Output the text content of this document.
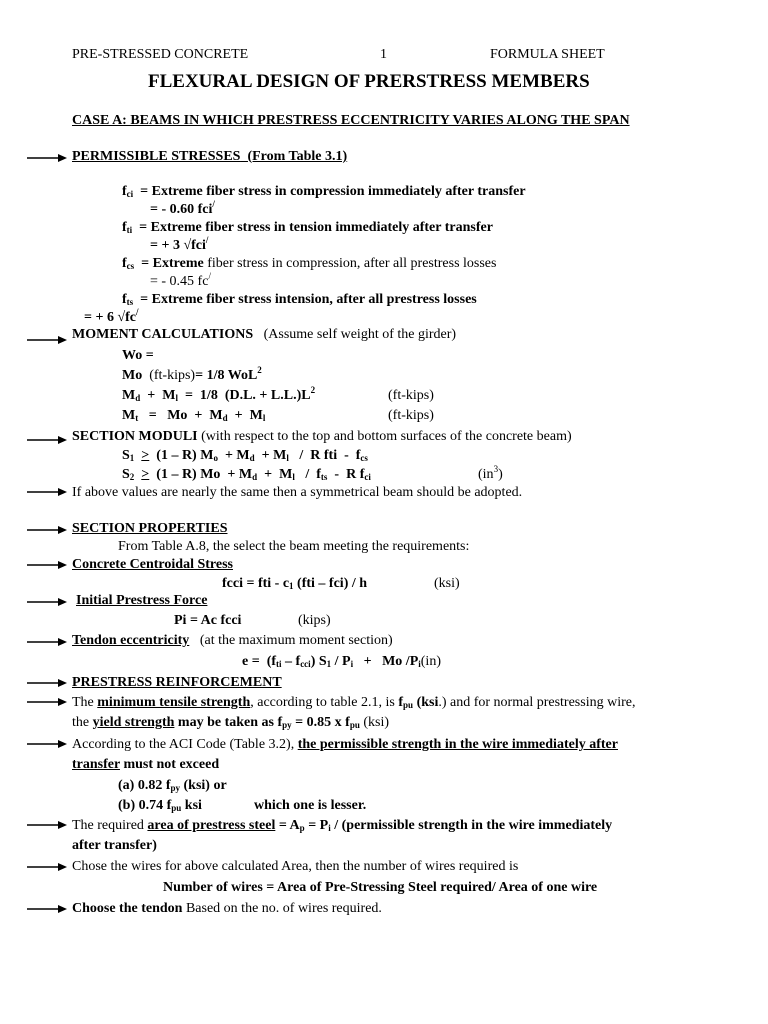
PRE-STRESSED CONCRETE	1	FORMULA SHEET
FLEXURAL DESIGN OF PRERSTRESS MEMBERS
CASE A: BEAMS IN WHICH PRESTRESS ECCENTRICITY VARIES ALONG THE SPAN
PERMISSIBLE STRESSES (From Table 3.1)
$f_{ci}$ = Extreme fiber stress in compression immediately after transfer
= - 0.60 fci/
$f_{ti}$ = Extreme fiber stress in tension immediately after transfer
= + 3 √fci/
$f_{cs}$ = Extreme fiber stress in compression, after all prestress losses
= - 0.45 fc/
$f_{ts}$ = Extreme fiber stress intension, after all prestress losses
= + 6 √fc/
MOMENT CALCULATIONS (Assume self weight of the girder)
Wo =
Mo (ft-kips)= 1/8 WoL$^2$
$M_d + M_l = 1/8$  (D.L. + $L.L.)L^2$	(ft-kips)
$M_t = Mo + M_d + M_l$	(ft-kips)
SECTION MODULI (with respect to the top and bottom surfaces of the concrete beam)
$S_1 > (1 - R) M_o + M_d + M_l / R$ fti  -  $f_{cs}$
$S_2 > (1 - R) Mo + M_d + M_l / f_{ts} - R$ $f_{ci}$	$(in^3)$
If above values are nearly the same then a symmetrical beam should be adopted.
SECTION PROPERTIES
From Table A.8, the select the beam meeting the requirements:
Concrete Centroidal Stress
fcci = fti - $c_1$ (fti – fci) / h	(ksi)
Initial Prestress Force
Pi = Ac fcci	(kips)
Tendon eccentricity (at the maximum moment section)
$e = (f_{ti} - f_{cci})$ $S_1 / P_i + Mo$ $/P_i(in)$
PRESTRESS REINFORCEMENT
The minimum tensile strength, according to table 2.1, is $f_{pu}$ (ksi.) and for normal prestressing wire,
the yield strength may be taken as $f_{py} = 0.85$ x $f_{pu}$ (ksi)
According to the ACI Code (Table 3.2), the permissible strength in the wire immediately after
transfer must not exceed
(a) 0.82 $f_{py}$ (ksi) or
(b) 0.74 $f_{pu}$ ksi	which one is lesser.
The required area of prestress steel = $A_p = P_i$ / (permissible strength in the wire immediately
after transfer)
Chose the wires for above calculated Area, then the number of wires required is
Number of wires = Area of Pre-Stressing Steel required/ Area of one wire
Choose the tendon Based on the no. of wires required.
